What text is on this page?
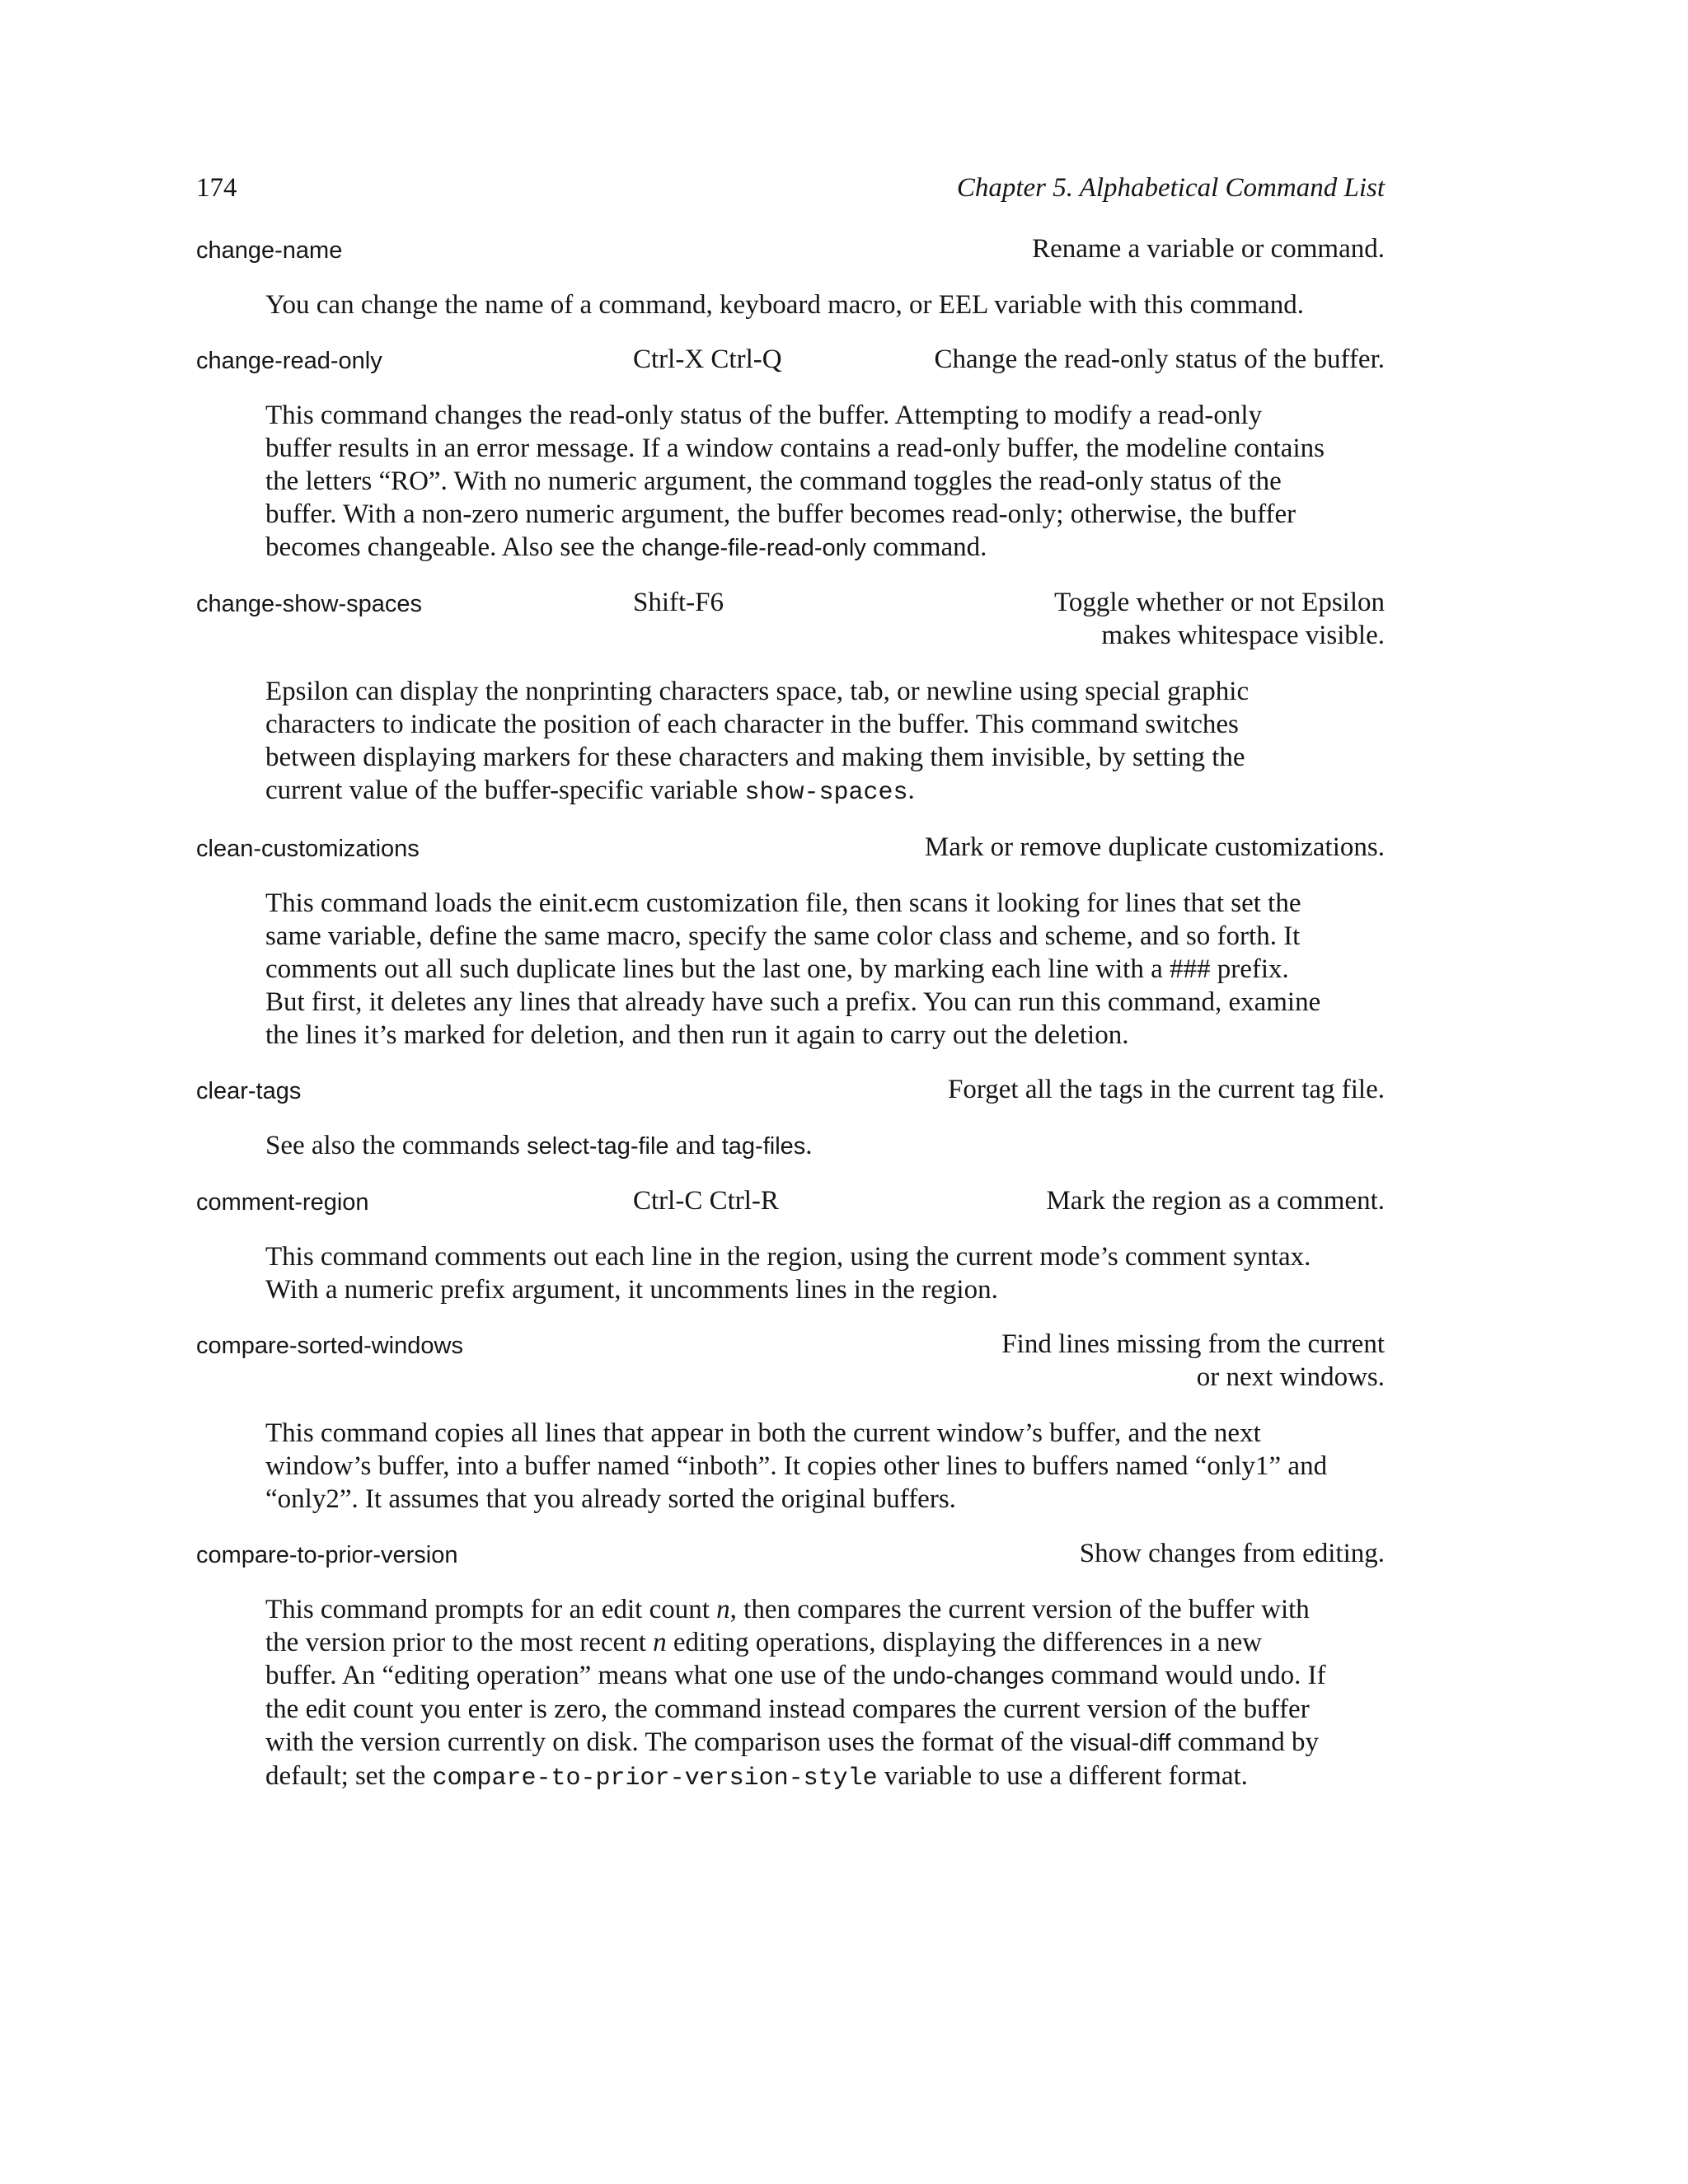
174	Chapter 5. Alphabetical Command List
change-name	Rename a variable or command.

You can change the name of a command, keyboard macro, or EEL variable with this command.

change-read-only	Ctrl-X Ctrl-Q	Change the read-only status of the buffer.

This command changes the read-only status of the buffer. Attempting to modify a read-only buffer results in an error message. If a window contains a read-only buffer, the modeline contains the letters “RO”. With no numeric argument, the command toggles the read-only status of the buffer. With a non-zero numeric argument, the buffer becomes read-only; otherwise, the buffer becomes changeable. Also see the change-file-read-only command.

change-show-spaces	Shift-F6	Toggle whether or not Epsilon
makes whitespace visible.

Epsilon can display the nonprinting characters space, tab, or newline using special graphic characters to indicate the position of each character in the buffer. This command switches between displaying markers for these characters and making them invisible, by setting the current value of the buffer-specific variable show-spaces.

clean-customizations	Mark or remove duplicate customizations.

This command loads the einit.ecm customization file, then scans it looking for lines that set the same variable, define the same macro, specify the same color class and scheme, and so forth. It comments out all such duplicate lines but the last one, by marking each line with a ### prefix. But first, it deletes any lines that already have such a prefix. You can run this command, examine the lines it’s marked for deletion, and then run it again to carry out the deletion.

clear-tags	Forget all the tags in the current tag file.

See also the commands select-tag-file and tag-files.

comment-region	Ctrl-C Ctrl-R	Mark the region as a comment.

This command comments out each line in the region, using the current mode’s comment syntax. With a numeric prefix argument, it uncomments lines in the region.

compare-sorted-windows	Find lines missing from the current
or next windows.

This command copies all lines that appear in both the current window’s buffer, and the next window’s buffer, into a buffer named “inboth”. It copies other lines to buffers named “only1” and “only2”. It assumes that you already sorted the original buffers.

compare-to-prior-version	Show changes from editing.

This command prompts for an edit count n, then compares the current version of the buffer with the version prior to the most recent n editing operations, displaying the differences in a new buffer. An “editing operation” means what one use of the undo-changes command would undo. If the edit count you enter is zero, the command instead compares the current version of the buffer with the version currently on disk. The comparison uses the format of the visual-diff command by default; set the compare-to-prior-version-style variable to use a different format.
